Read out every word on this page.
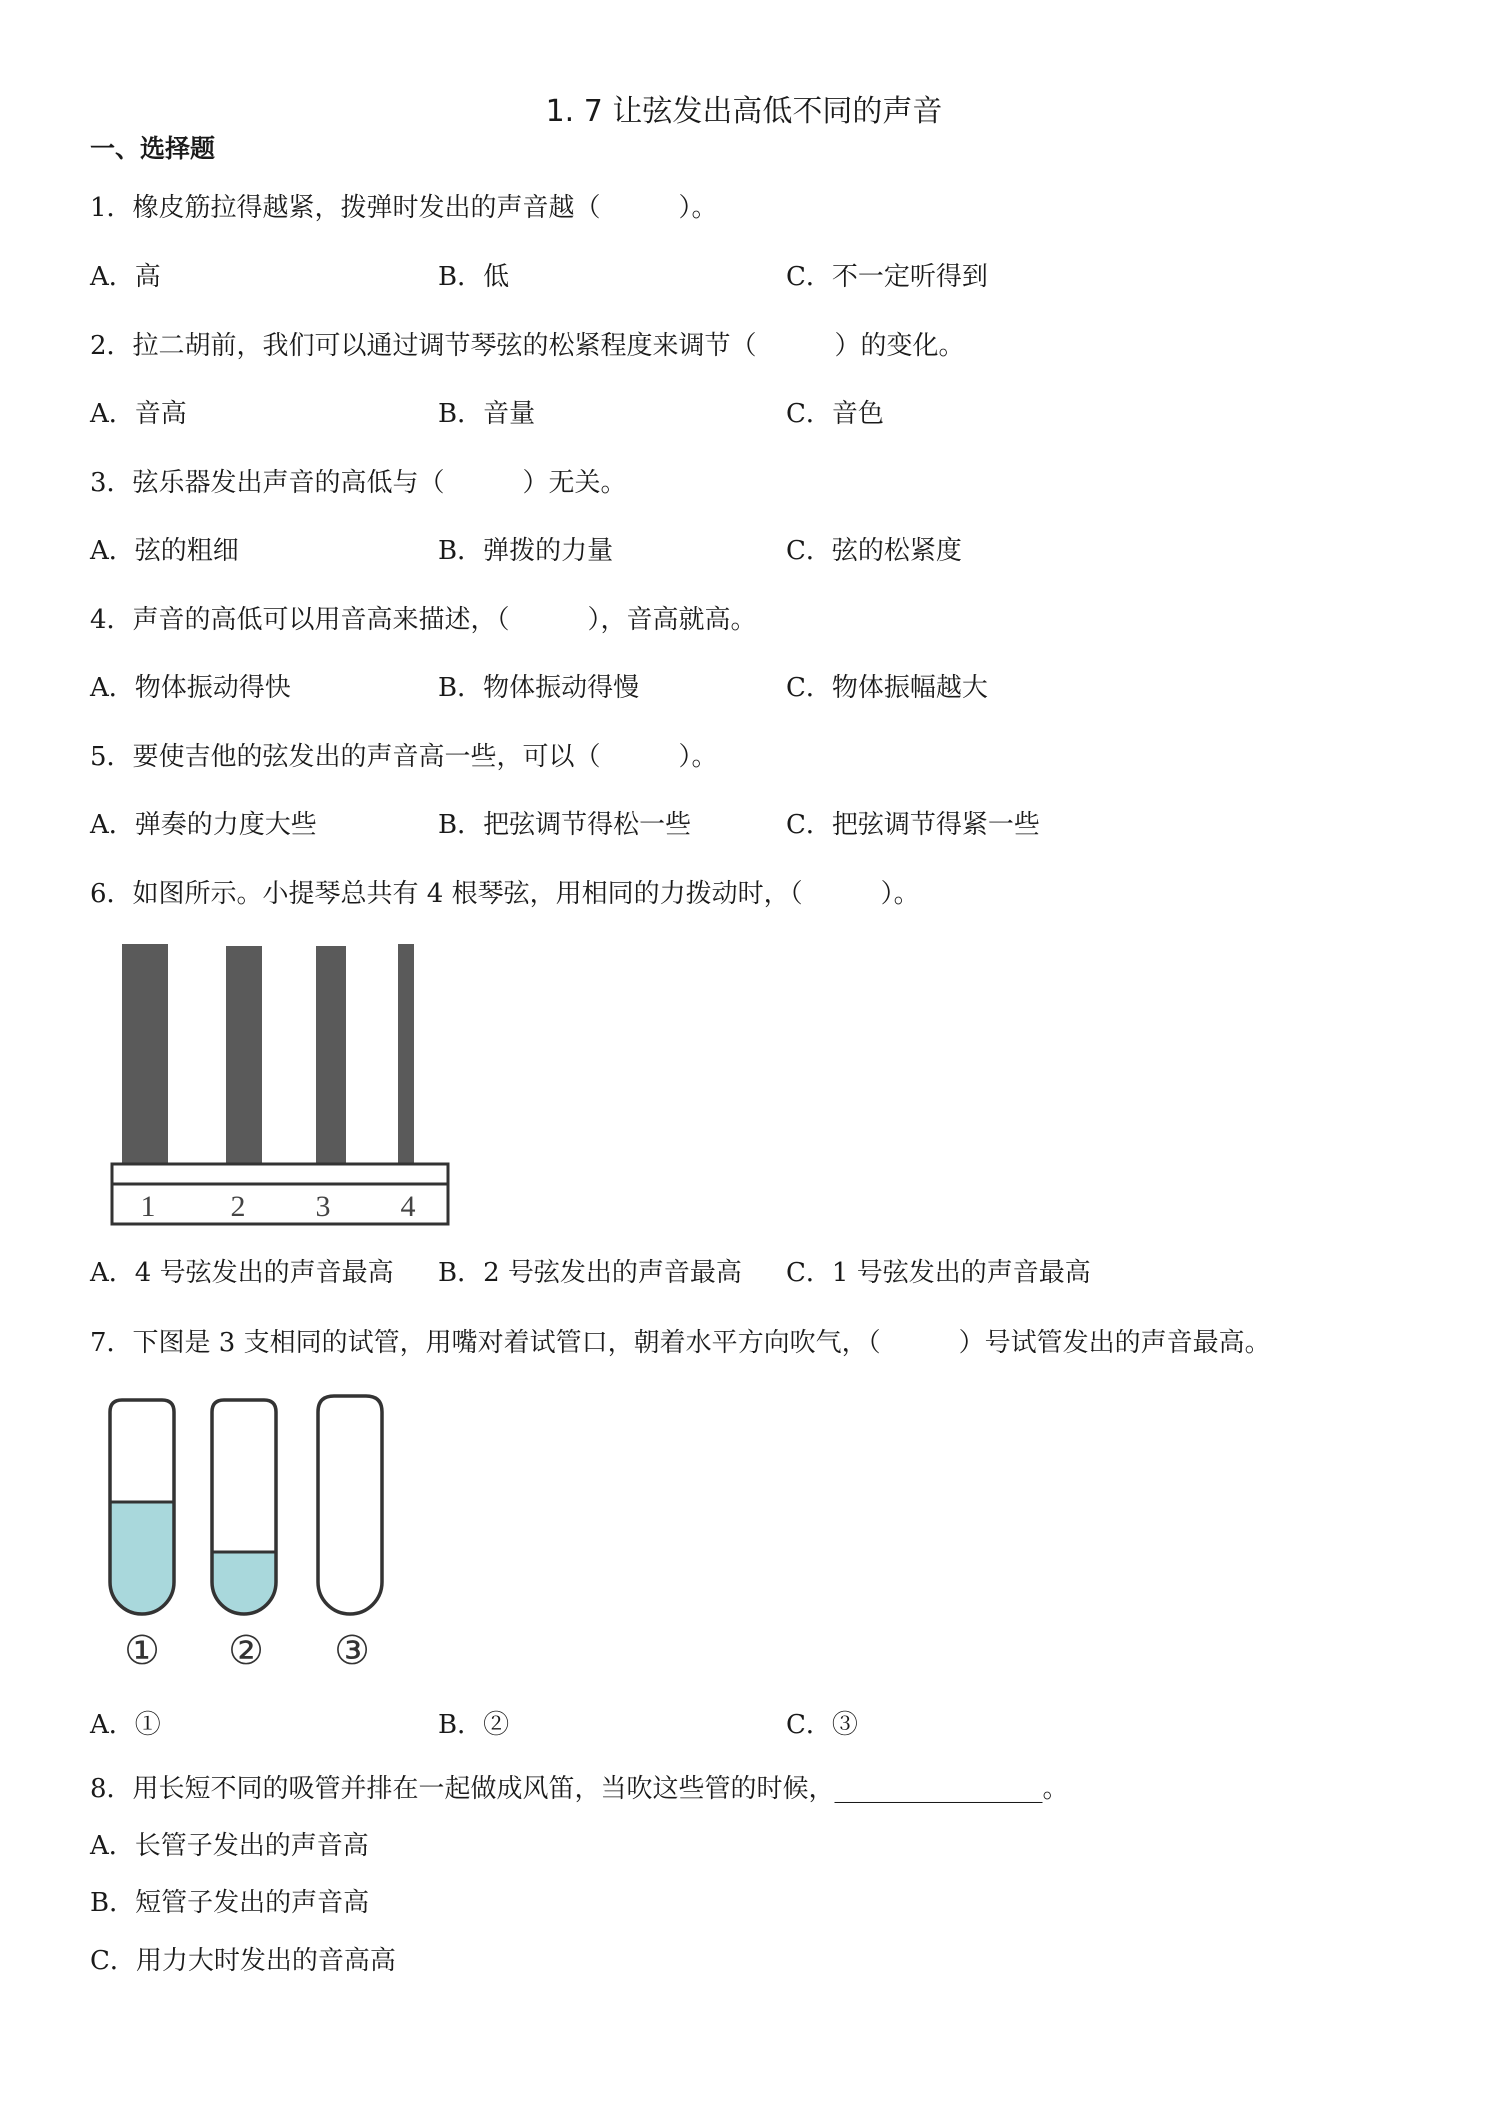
1. 7 让弦发出高低不同的声音
一、选择题
1．橡皮筋拉得越紧，拨弹时发出的声音越（　　　）。
A．高	B．低	C．不一定听得到
2．拉二胡前，我们可以通过调节琴弦的松紧程度来调节（　　　）的变化。
A．音高	B．音量	C．音色
3．弦乐器发出声音的高低与（　　　）无关。
A．弦的粗细	B．弹拨的力量	C．弦的松紧度
4．声音的高低可以用音高来描述，（　　　），音高就高。
A．物体振动得快	B．物体振动得慢	C．物体振幅越大
5．要使吉他的弦发出的声音高一些，可以（　　　）。
A．弹奏的力度大些	B．把弦调节得松一些	C．把弦调节得紧一些
6．如图所示。小提琴总共有 4 根琴弦，用相同的力拨动时，（　　　）。
1	2 3 4
A．4 号弦发出的声音最高 B．2 号弦发出的声音最高 C．1 号弦发出的声音最高
7．下图是 3 支相同的试管，用嘴对着试管口，朝着水平方向吹气，（　　　）号试管发出的声音最高。
① ② ③
A．①	B．②	C．③
8．用长短不同的吸管并排在一起做成风笛，当吹这些管的时候，________________。
A．长管子发出的声音高
B．短管子发出的声音高
C．用力大时发出的音高高
